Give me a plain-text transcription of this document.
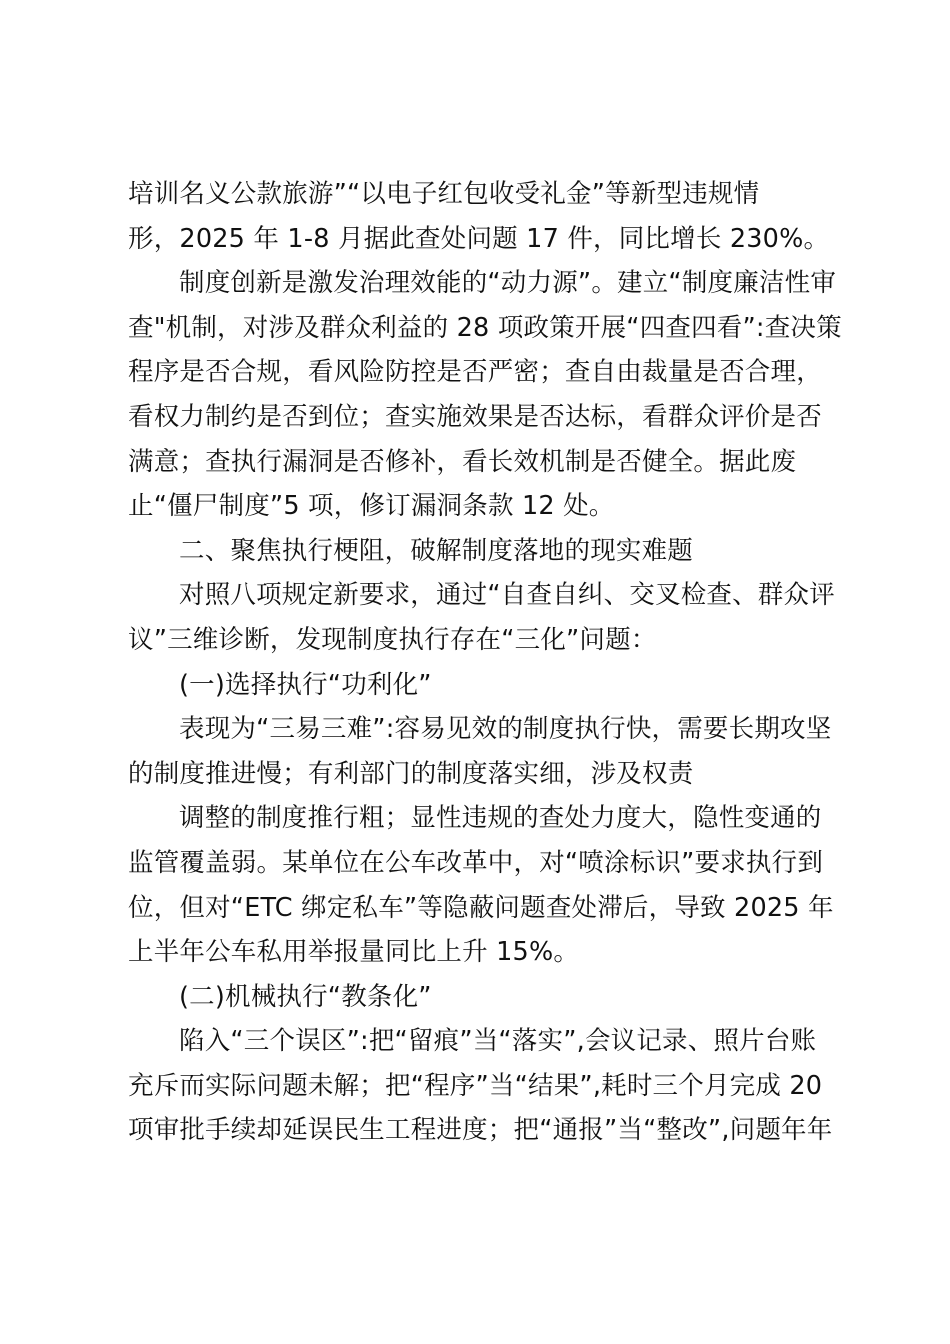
培训名义公款旅游”“以电子红包收受礼金”等新型违规情
形，2025 年 1-8 月据此查处问题 17 件，同比增长 230%。
制度创新是激发治理效能的“动力源”。建立“制度廉洁性审
查"机制，对涉及群众利益的 28 项政策开展“四查四看”:查决策
程序是否合规，看风险防控是否严密；查自由裁量是否合理，
看权力制约是否到位；查实施效果是否达标，看群众评价是否
满意；查执行漏洞是否修补，看长效机制是否健全。据此废
止“僵尸制度”5 项，修订漏洞条款 12 处。
二、聚焦执行梗阻，破解制度落地的现实难题
对照八项规定新要求，通过“自查自纠、交叉检查、群众评
议”三维诊断，发现制度执行存在“三化”问题：
(一)选择执行“功利化”
表现为“三易三难”:容易见效的制度执行快，需要长期攻坚
的制度推进慢；有利部门的制度落实细，涉及权责
调整的制度推行粗；显性违规的查处力度大，隐性变通的
监管覆盖弱。某单位在公车改革中，对“喷涂标识”要求执行到
位，但对“ETC 绑定私车”等隐蔽问题查处滞后，导致 2025 年
上半年公车私用举报量同比上升 15%。
(二)机械执行“教条化”
陷入“三个误区”:把“留痕”当“落实”,会议记录、照片台账
充斥而实际问题未解；把“程序”当“结果”,耗时三个月完成 20
项审批手续却延误民生工程进度；把“通报”当“整改”,问题年年
